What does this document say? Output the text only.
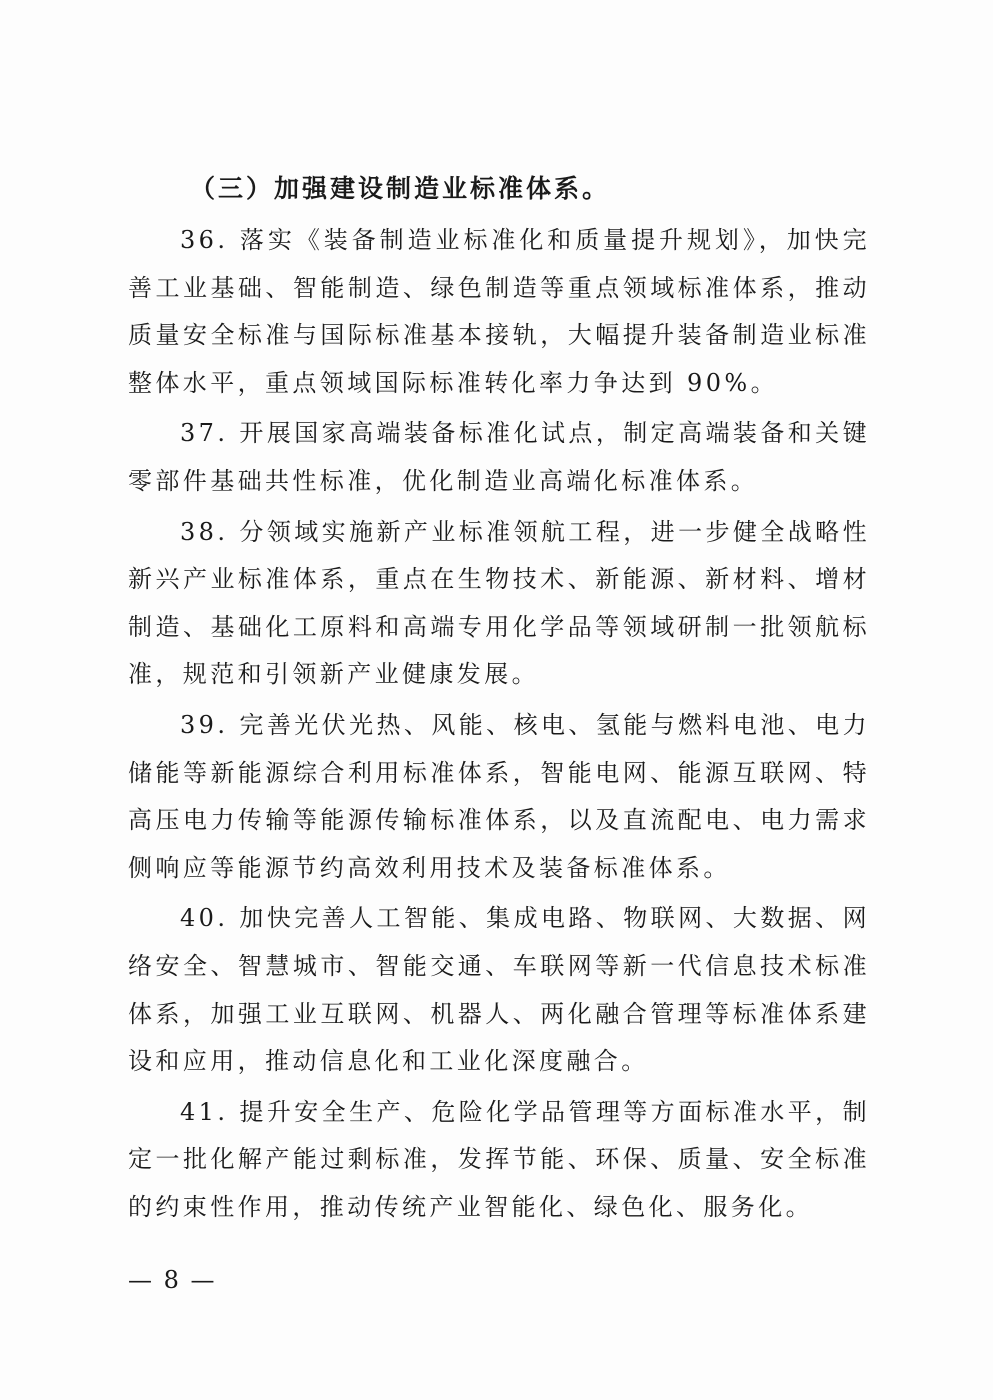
（三）加强建设制造业标准体系。

36. 落实《装备制造业标准化和质量提升规划》，加快完善工业基础、智能制造、绿色制造等重点领域标准体系，推动质量安全标准与国际标准基本接轨，大幅提升装备制造业标准整体水平，重点领域国际标准转化率力争达到 90%。

37. 开展国家高端装备标准化试点，制定高端装备和关键零部件基础共性标准，优化制造业高端化标准体系。

38. 分领域实施新产业标准领航工程，进一步健全战略性新兴产业标准体系，重点在生物技术、新能源、新材料、增材制造、基础化工原料和高端专用化学品等领域研制一批领航标准，规范和引领新产业健康发展。

39. 完善光伏光热、风能、核电、氢能与燃料电池、电力储能等新能源综合利用标准体系，智能电网、能源互联网、特高压电力传输等能源传输标准体系，以及直流配电、电力需求侧响应等能源节约高效利用技术及装备标准体系。

40. 加快完善人工智能、集成电路、物联网、大数据、网络安全、智慧城市、智能交通、车联网等新一代信息技术标准体系，加强工业互联网、机器人、两化融合管理等标准体系建设和应用，推动信息化和工业化深度融合。

41. 提升安全生产、危险化学品管理等方面标准水平，制定一批化解产能过剩标准，发挥节能、环保、质量、安全标准的约束性作用，推动传统产业智能化、绿色化、服务化。

— 8 —
